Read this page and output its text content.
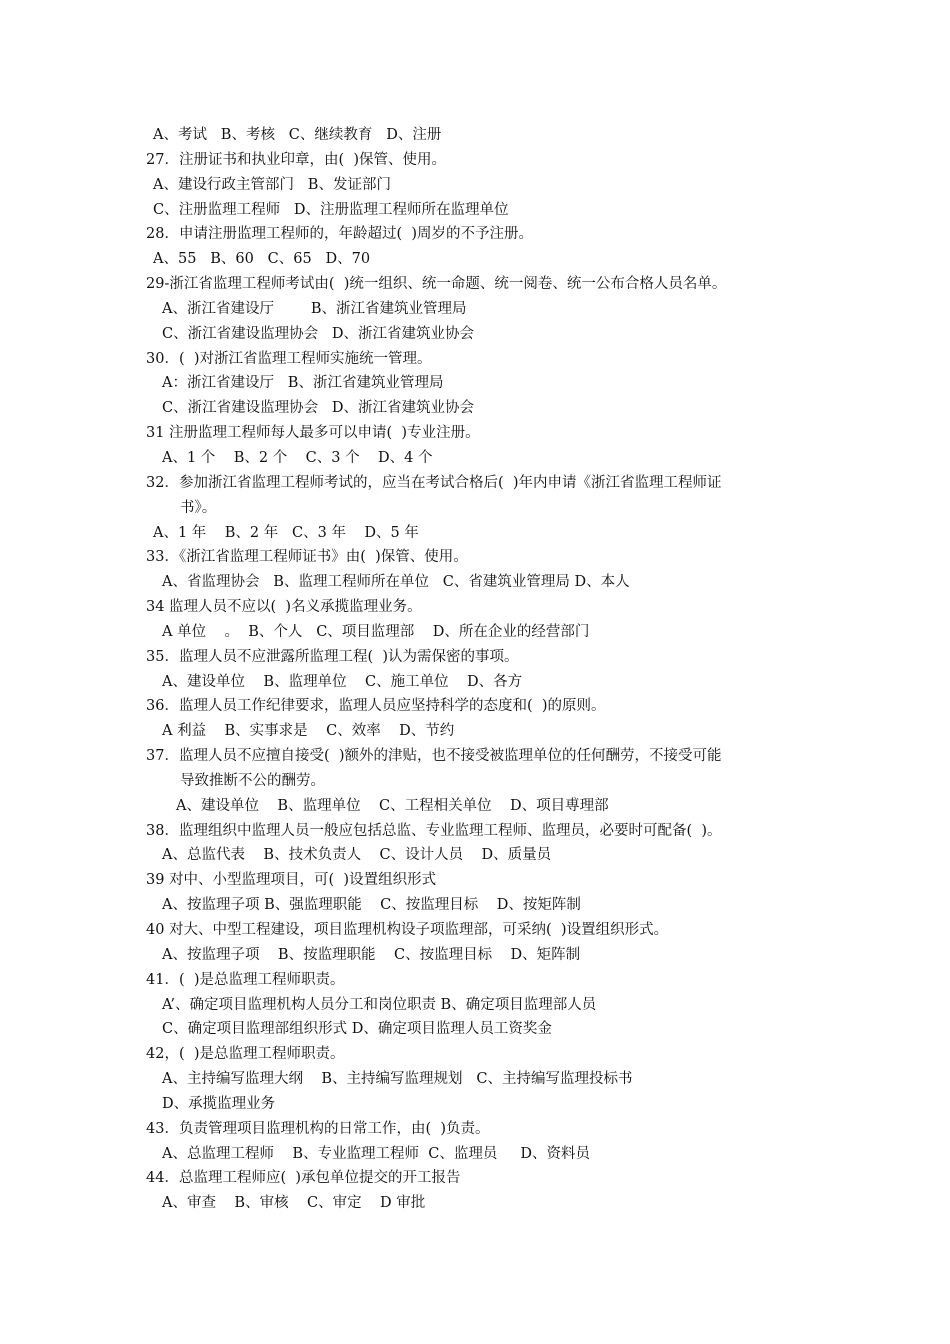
A、考试   B、考核   C、继续教育   D、注册
27．注册证书和执业印章，由(  )保管、使用。
A、建设行政主管部门   B、发证部门
C、注册监理工程师   D、注册监理工程师所在监理单位
28．申请注册监理工程师的，年龄超过(  )周岁的不予注册。
A、55   B、60   C、65   D、70
29-浙江省监理工程师考试由(  )统一组织、统一命题、统一阅卷、统一公布合格人员名单。
A、浙江省建设厅        B、浙江省建筑业管理局
C、浙江省建设监理协会   D、浙江省建筑业协会
30．(  )对浙江省监理工程师实施统一管理。
A：浙江省建设厅   B、浙江省建筑业管理局
C、浙江省建设监理协会   D、浙江省建筑业协会
31 注册监理工程师每人最多可以申请(  )专业注册。
A、1 个    B、2 个    C、3 个    D、4 个
32．参加浙江省监理工程师考试的，应当在考试合格后(  )年内申请《浙江省监理工程师证
书》。
A、1 年    B、2 年   C、3 年    D、5 年
33．《浙江省监理工程师证书》由(  )保管、使用。
A、省监理协会   B、监理工程师所在单位   C、省建筑业管理局 D、本人
34 监理人员不应以(  )名义承揽监理业务。
A 单位    。  B、个人   C、项目监理部    D、所在企业的经营部门
35．监理人员不应泄露所监理工程(  )认为需保密的事项。
A、建设单位    B、监理单位    C、施工单位    D、各方
36．监理人员工作纪律要求，监理人员应坚持科学的态度和(  )的原则。
A 利益    B、实事求是    C、效率    D、节约
37．监理人员不应擅自接受(  )额外的津贴，也不接受被监理单位的任何酬劳，不接受可能
导致推断不公的酬劳。
A、建设单位    B、监理单位    C、工程相关单位    D、项目尃理部
38．监理组织中监理人员一般应包括总监、专业监理工程师、监理员，必要时可配备(  )。
A、总监代表    B、技术负责人    C、设计人员    D、质量员
39 对中、小型监理项目，可(  )设置组织形式
A、按监理子项 B、强监理职能    C、按监理目标    D、按矩阵制
40 对大、中型工程建设，项目监理机构设子项监理部，可采纳(  )设置组织形式。
A、按监理子项    B、按监理职能    C、按监理目标    D、矩阵制
41．(  )是总监理工程师职责。
A’、确定项目监理机构人员分工和岗位职责 B、确定项目监理部人员
C、确定项目监理部组织形式 D、确定项目监理人员工资奖金
42，(  )是总监理工程师职责。
A、主持编写监理大纲    B、主持编写监理规划   C、主持编写监理投标书
D、承揽监理业务
43．负责管理项目监理机构的日常工作，由(  )负责。
A、总监理工程师    B、专业监理工程师  C、监理员     D、资料员
44．总监理工程师应(  )承包单位提交的开工报告
A、审查    B、审核    C、审定    D 审批
